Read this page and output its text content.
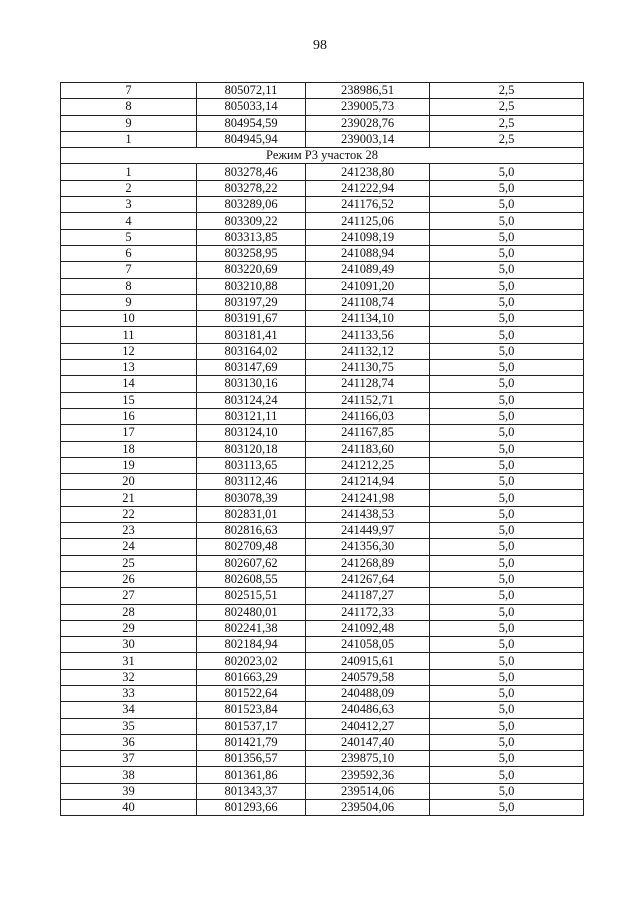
98
7	805072,11	238986,51	2,5
8	805033,14	239005,73	2,5
9	804954,59	239028,76	2,5
1	804945,94	239003,14	2,5
Режим Р3 участок 28			
1	803278,46	241238,80	5,0
2	803278,22	241222,94	5,0
3	803289,06	241176,52	5,0
4	803309,22	241125,06	5,0
5	803313,85	241098,19	5,0
6	803258,95	241088,94	5,0
7	803220,69	241089,49	5,0
8	803210,88	241091,20	5,0
9	803197,29	241108,74	5,0
10	803191,67	241134,10	5,0
11	803181,41	241133,56	5,0
12	803164,02	241132,12	5,0
13	803147,69	241130,75	5,0
14	803130,16	241128,74	5,0
15	803124,24	241152,71	5,0
16	803121,11	241166,03	5,0
17	803124,10	241167,85	5,0
18	803120,18	241183,60	5,0
19	803113,65	241212,25	5,0
20	803112,46	241214,94	5,0
21	803078,39	241241,98	5,0
22	802831,01	241438,53	5,0
23	802816,63	241449,97	5,0
24	802709,48	241356,30	5,0
25	802607,62	241268,89	5,0
26	802608,55	241267,64	5,0
27	802515,51	241187,27	5,0
28	802480,01	241172,33	5,0
29	802241,38	241092,48	5,0
30	802184,94	241058,05	5,0
31	802023,02	240915,61	5,0
32	801663,29	240579,58	5,0
33	801522,64	240488,09	5,0
34	801523,84	240486,63	5,0
35	801537,17	240412,27	5,0
36	801421,79	240147,40	5,0
37	801356,57	239875,10	5,0
38	801361,86	239592,36	5,0
39	801343,37	239514,06	5,0
40	801293,66	239504,06	5,0
